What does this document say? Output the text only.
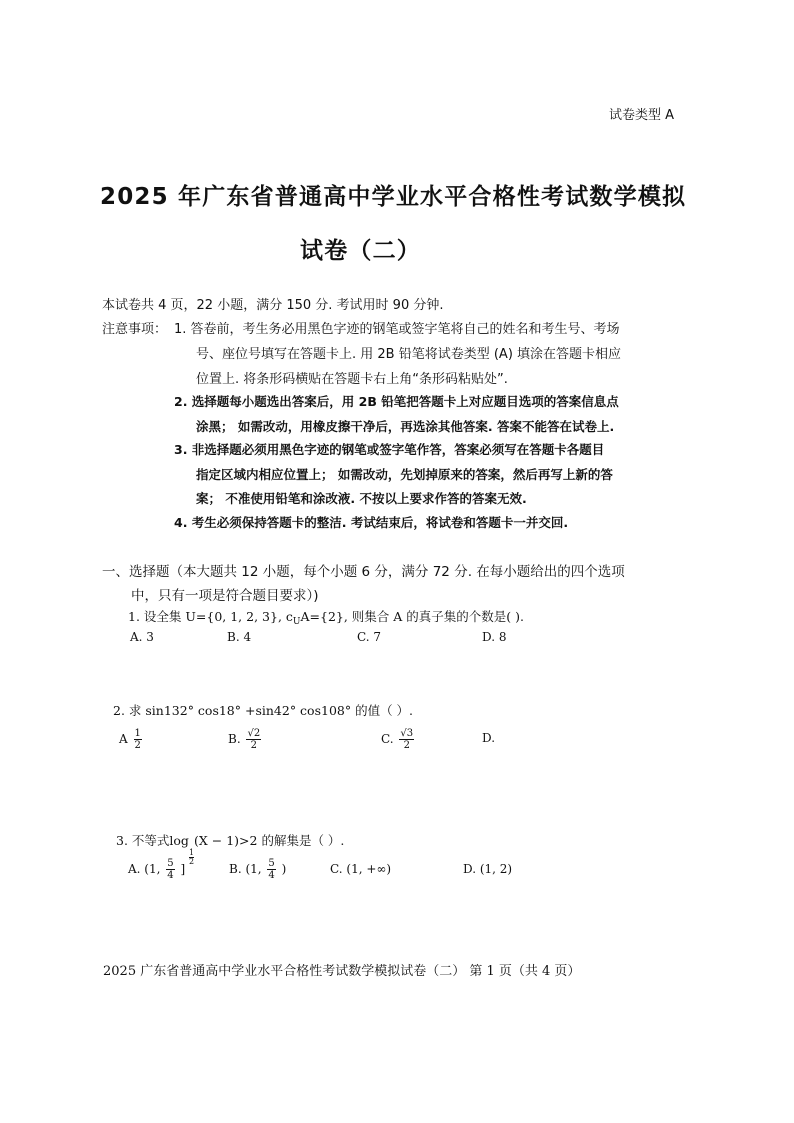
试卷类型 A
2025 年广东省普通高中学业水平合格性考试数学模拟
试卷（二）
本试卷共 4 页，22 小题，满分 150 分. 考试用时 90 分钟.
注意事项： 1. 答卷前，考生务必用黑色字迹的钢笔或签字笔将自己的姓名和考生号、考场
号、座位号填写在答题卡上. 用 2B 铅笔将试卷类型 (A) 填涂在答题卡相应
位置上. 将条形码横贴在答题卡右上角“条形码粘贴处”.
2. 选择题每小题选出答案后，用 2B 铅笔把答题卡上对应题目选项的答案信息点
涂黑； 如需改动，用橡皮擦干净后，再选涂其他答案. 答案不能答在试卷上.
3. 非选择题必须用黑色字迹的钢笔或签字笔作答，答案必须写在答题卡各题目
指定区域内相应位置上； 如需改动，先划掉原来的答案，然后再写上新的答
案； 不准使用铅笔和涂改液. 不按以上要求作答的答案无效.
4. 考生必须保持答题卡的整洁. 考试结束后，将试卷和答题卡一并交回.
一、选择题（本大题共 12 小题，每个小题 6 分，满分 72 分. 在每小题给出的四个选项
中，只有一项是符合题目要求）)
1. 设全集 U={0, 1, 2, 3}, $c_UA=\{2\}$, 则集合 A 的真子集的个数是( ).
A. 3	B. 4	C. 7	D. 8
2. 求 sin132° cos18° +sin42° cos108° 的值（ ）.
A $\frac{1}{2}$	B. $\frac{√2}{2}$	C. $\frac{√3}{2}$	D.
3. 不等式log
$\frac{1}{2}$
(X − 1)>2 的解集是（ ）.
A. (1, $\frac{5}{4}$ ]	B. (1, $\frac{5}{4}$ )	C. (1, +∞)	D. (1, 2)
2025 广东省普通高中学业水平合格性考试数学模拟试卷（二） 第 1 页（共 4 页）
